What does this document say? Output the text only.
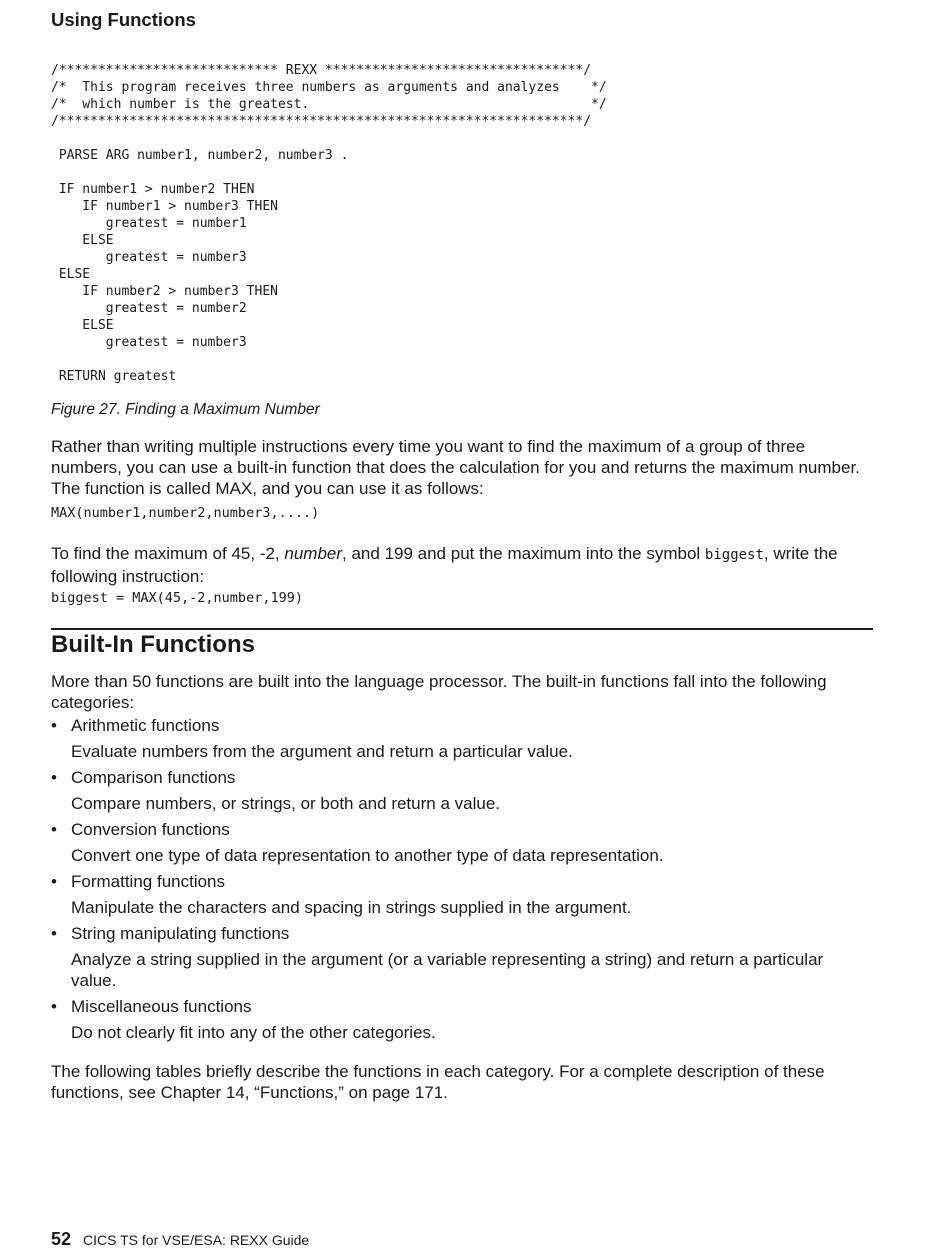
Using Functions
/**************************** REXX *********************************/
/*  This program receives three numbers as arguments and analyzes    */
/*  which number is the greatest.                                    */
/*******************************************************************/

PARSE ARG number1, number2, number3 .

IF number1 > number2 THEN
IF number1 > number3 THEN
greatest = number1
ELSE
greatest = number3
ELSE
IF number2 > number3 THEN
greatest = number2
ELSE
greatest = number3

RETURN greatest
Figure 27. Finding a Maximum Number

Rather than writing multiple instructions every time you want to find the maximum of a group of three numbers, you can use a built-in function that does the calculation for you and returns the maximum number. The function is called MAX, and you can use it as follows:

MAX(number1,number2,number3,....)

To find the maximum of 45, -2, number, and 199 and put the maximum into the symbol biggest, write the following instruction:

biggest = MAX(45,-2,number,199)
Built-In Functions

More than 50 functions are built into the language processor. The built-in functions fall into the following categories:

• Arithmetic functions
Evaluate numbers from the argument and return a particular value.
• Comparison functions
Compare numbers, or strings, or both and return a value.
• Conversion functions
Convert one type of data representation to another type of data representation.
• Formatting functions
Manipulate the characters and spacing in strings supplied in the argument.
• String manipulating functions
Analyze a string supplied in the argument (or a variable representing a string) and return a particular value.
• Miscellaneous functions
Do not clearly fit into any of the other categories.

The following tables briefly describe the functions in each category. For a complete description of these functions, see Chapter 14, “Functions,” on page 171.

52 CICS TS for VSE/ESA: REXX Guide
